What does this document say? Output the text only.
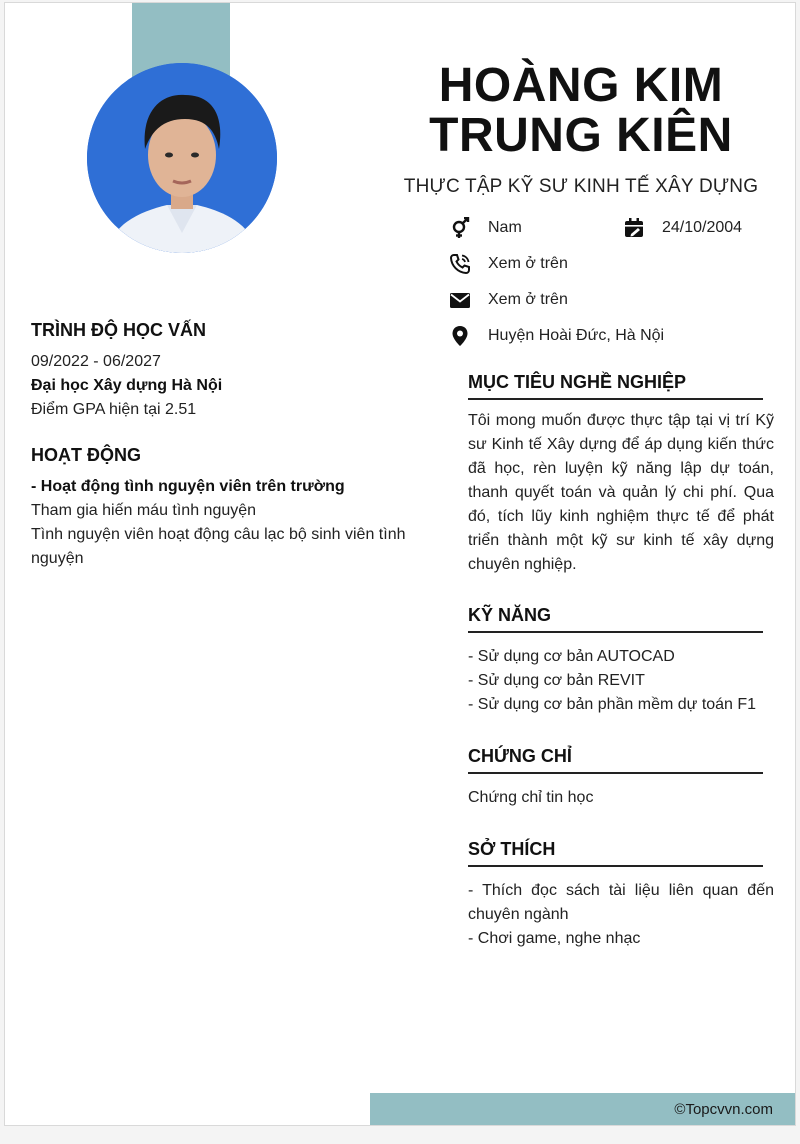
HOÀNG KIM
TRUNG KIÊN
THỰC TẬP KỸ SƯ KINH TẾ XÂY DỰNG
Nam	24/10/2004
Xem ở trên
Xem ở trên
Huyện Hoài Đức, Hà Nội
TRÌNH ĐỘ HỌC VẤN

09/2022 - 06/2027

Đại học Xây dựng Hà Nội

Điểm GPA hiện tại 2.51

HOẠT ĐỘNG

- Hoạt động tình nguyện viên trên trường

Tham gia hiến máu tình nguyện

Tình nguyện viên hoạt động câu lạc bộ sinh viên tình nguyện

MỤC TIÊU NGHỀ NGHIỆP
Tôi mong muốn được thực tập tại vị trí Kỹ sư Kinh tế Xây dựng để áp dụng kiến thức đã học, rèn luyện kỹ năng lập dự toán, thanh quyết toán và quản lý chi phí. Qua đó, tích lũy kinh nghiệm thực tế để phát triển thành một kỹ sư kinh tế xây dựng chuyên nghiệp.
KỸ NĂNG
- Sử dụng cơ bản AUTOCAD
- Sử dụng cơ bản REVIT
- Sử dụng cơ bản phần mềm dự toán F1
CHỨNG CHỈ
Chứng chỉ tin học
SỞ THÍCH
- Thích đọc sách tài liệu liên quan đến chuyên ngành
- Chơi game, nghe nhạc
©Topcvvn.com
